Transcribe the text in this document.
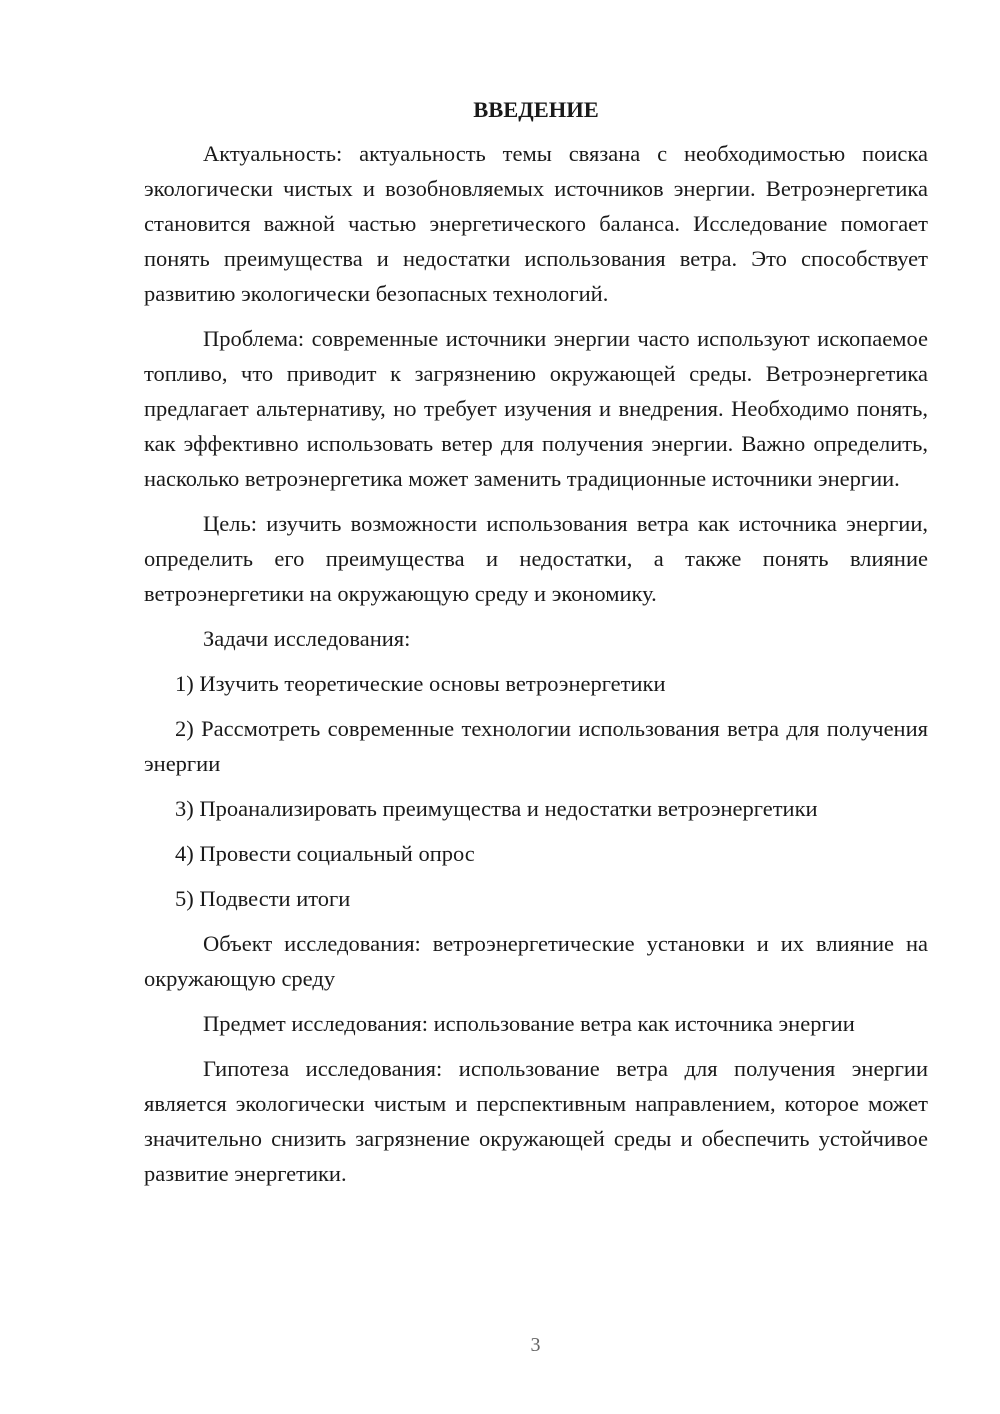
ВВЕДЕНИЕ

Актуальность: актуальность темы связана с необходимостью поиска экологически чистых и возобновляемых источников энергии. Ветроэнергетика становится важной частью энергетического баланса. Исследование помогает понять преимущества и недостатки использования ветра. Это способствует развитию экологически безопасных технологий.

Проблема: современные источники энергии часто используют ископаемое топливо, что приводит к загрязнению окружающей среды. Ветроэнергетика предлагает альтернативу, но требует изучения и внедрения. Необходимо понять, как эффективно использовать ветер для получения энергии. Важно определить, насколько ветроэнергетика может заменить традиционные источники энергии.

Цель: изучить возможности использования ветра как источника энергии, определить его преимущества и недостатки, а также понять влияние ветроэнергетики на окружающую среду и экономику.

Задачи исследования:

1) Изучить теоретические основы ветроэнергетики

2) Рассмотреть современные технологии использования ветра для получения энергии

3) Проанализировать преимущества и недостатки ветроэнергетики

4) Провести социальный опрос

5) Подвести итоги

Объект исследования: ветроэнергетические установки и их влияние на окружающую среду

Предмет исследования: использование ветра как источника энергии

Гипотеза исследования: использование ветра для получения энергии является экологически чистым и перспективным направлением, которое может значительно снизить загрязнение окружающей среды и обеспечить устойчивое развитие энергетики.

3
